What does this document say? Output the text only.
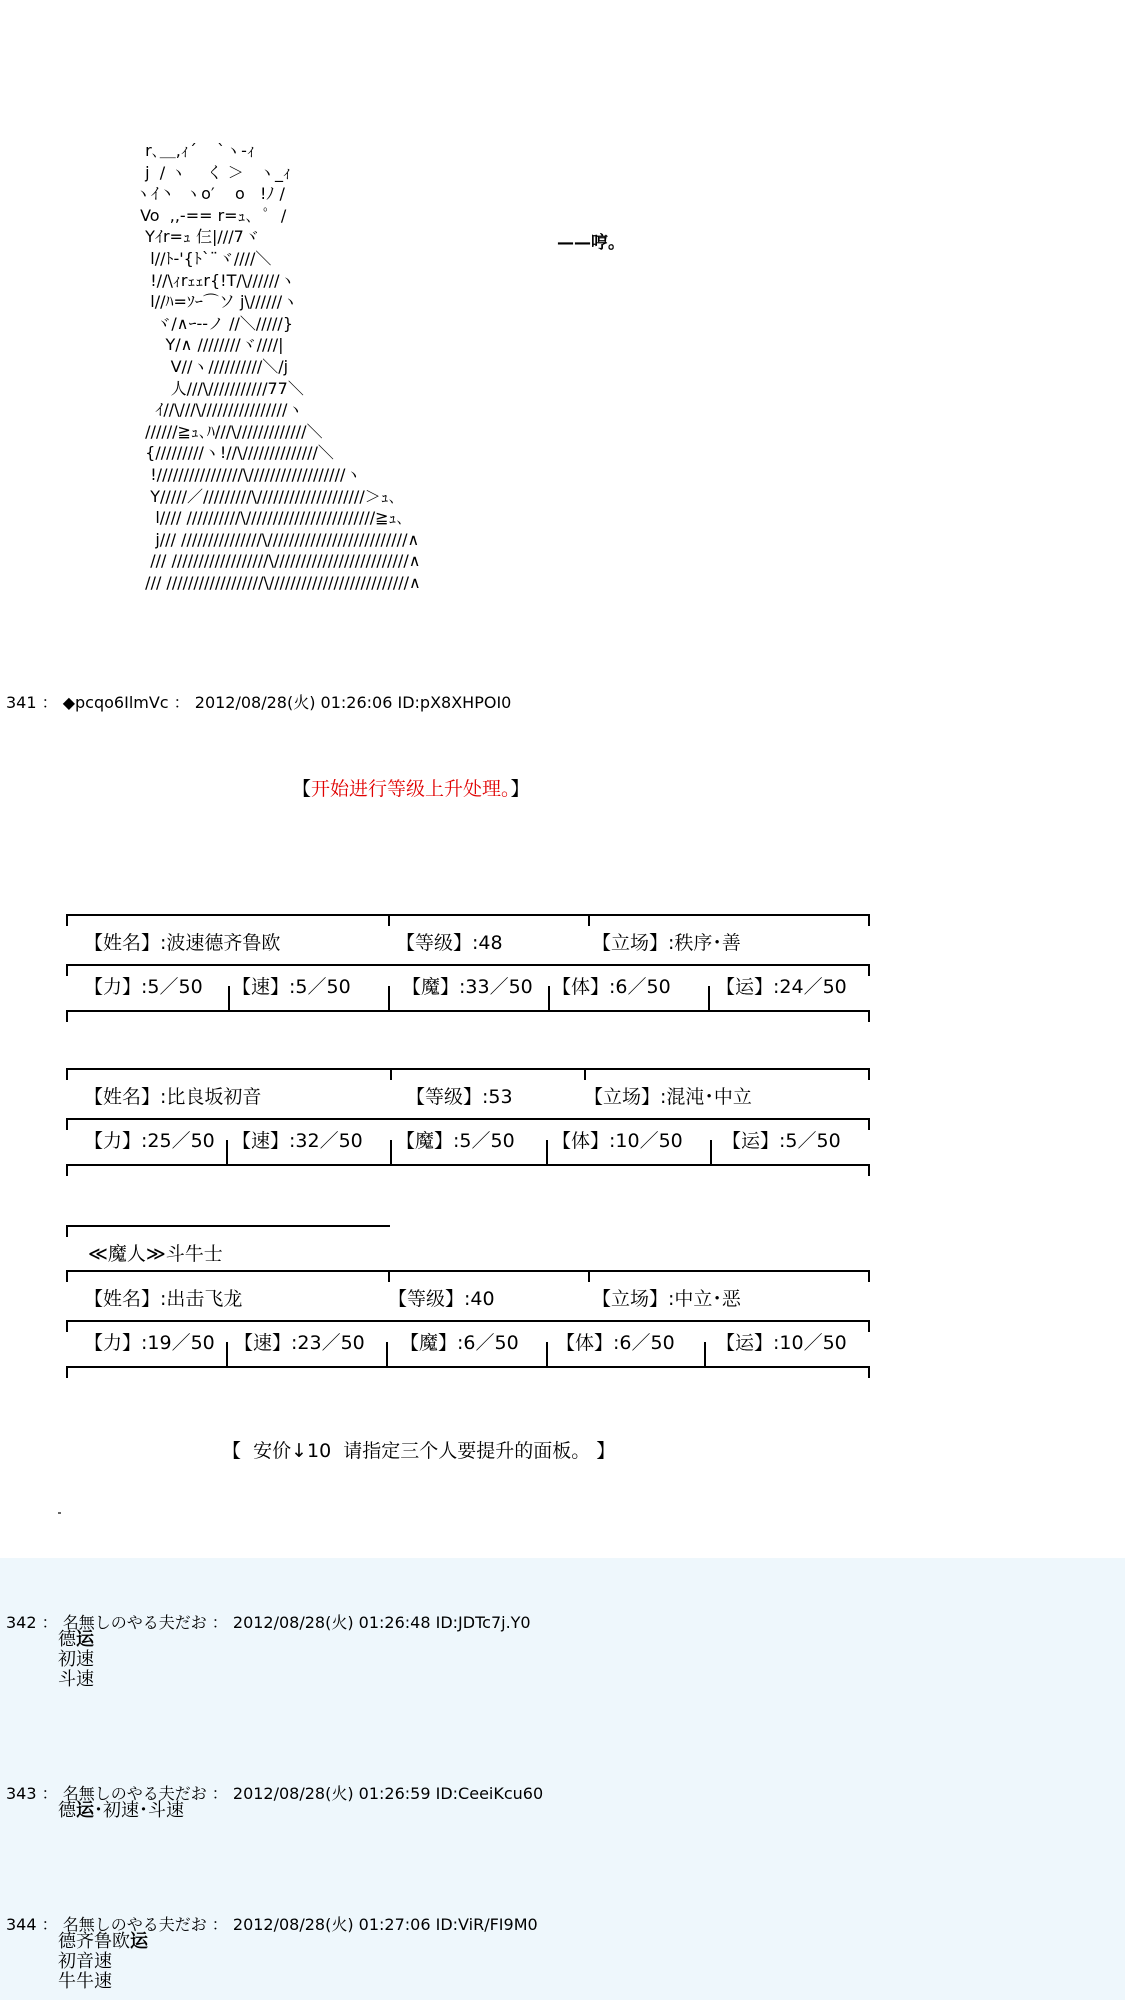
r､＿,ｨ´    `ヽ-ｨ
j  / ヽ    く ＞   ヽ_ｨ
ヽｲ丶  ヽo′    o   !ﾉ /
Vo  ,,-== r=ｭ､  ﾟ  /
Yｲr=ｭ 仨|///7ヾ
l//ﾄ-'{ﾄ`¨ヾ////＼
!//\ｨrｪｪr{!T/\//////ヽ
l//ﾊ=ｿｰ⌒ソ j\//////ヽ
ヾ/∧ｰ--ノ //＼/////}
Y/∧ ////////ヾ////|
V//ヽ//////////＼/j
人///\///////////77＼
ｲ//\///\////////////////ヽ
//////≧ｭ､ﾊ///\/////////////＼
{/////////ヽ!//\//////////////＼
!////////////////\//////////////////ヽ
Y/////／/////////\////////////////////＞ｭ､
l//// //////////\////////////////////////≧ｭ､
j/// ///////////////\//////////////////////////∧
/// //////////////////\/////////////////////////∧
/// //////////////////\//////////////////////////∧
——哼。
341 ： ◆pcqo6IlmVc ： 2012/08/28(火) 01:26:06 ID:pX8XHPOI0
【开始进行等级上升处理。】
【姓名】:波速德齐鲁欧	【等级】:48	【立场】:秩序･善
【力】:5／50 【速】:5／50	【魔】:33／50 【体】:6／50 【运】:24／50
【姓名】:比良坂初音	【等级】:53	【立场】:混沌･中立
【力】:25／50 【速】:32／50 【魔】:5／50 【体】:10／50 【运】:5／50
≪魔人≫斗牛士
【姓名】:出击飞龙	【等级】:40	【立场】:中立･恶
【力】:19／50 【速】:23／50 【魔】:6／50 【体】:6／50 【运】:10／50
【  安价↓10  请指定三个人要提升的面板。 】
342 ： 名無しのやる夫だお ： 2012/08/28(火) 01:26:48 ID:JDTc7j.Y0
德运
初速
斗速
343 ： 名無しのやる夫だお ： 2012/08/28(火) 01:26:59 ID:CeeiKcu60
德运･初速･斗速
344 ： 名無しのやる夫だお ： 2012/08/28(火) 01:27:06 ID:ViR/FI9M0
德齐鲁欧运
初音速
牛牛速
